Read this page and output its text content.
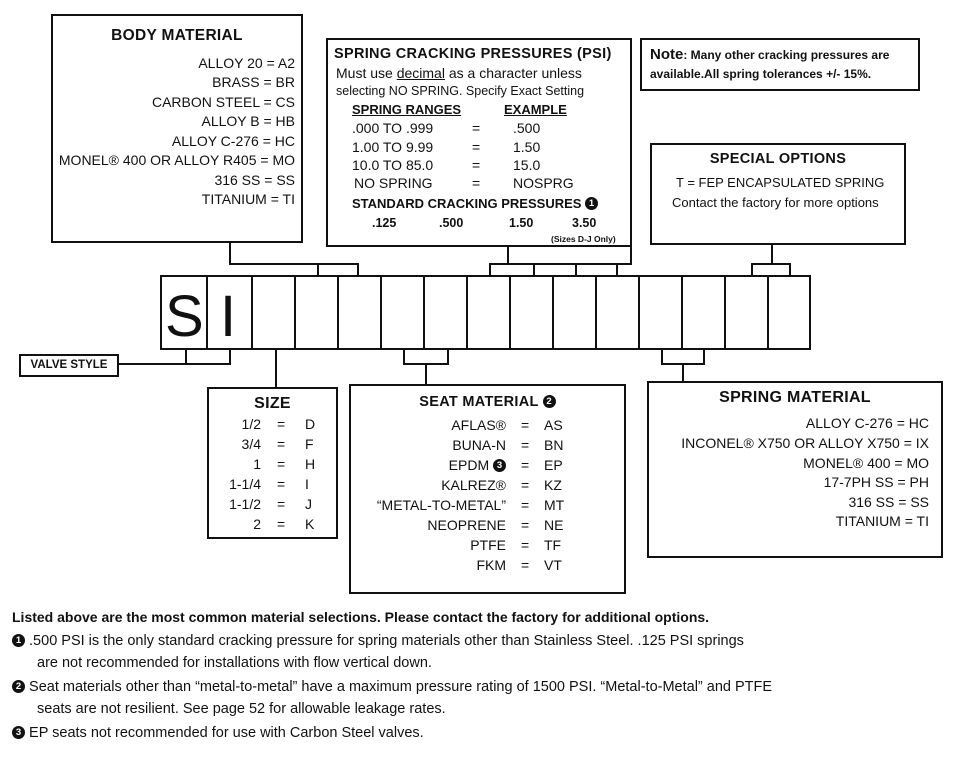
BODY MATERIAL
ALLOY 20 = A2
BRASS = BR
CARBON STEEL = CS
ALLOY B = HB
ALLOY C-276 = HC
MONEL® 400 OR ALLOY R405 = MO
316 SS = SS
TITANIUM = TI
SPRING CRACKING PRESSURES (PSI)
Must use decimal as a character unless
selecting NO SPRING. Specify Exact Setting
SPRING RANGES	EXAMPLE
.000 TO .999	= .500
1.00 TO 9.99	= 1.50
10.0 TO 85.0	= 15.0
NO SPRING	= NOSPRG
STANDARD CRACKING PRESSURES 1
.125	.500	1.50	3.50
(Sizes D-J Only)
Note: Many other cracking pressures are
available.All spring tolerances +/- 15%.
SPECIAL OPTIONS
T = FEP ENCAPSULATED SPRING
Contact the factory for more options
S I
VALVE STYLE
SIZE
1/2 = D
3/4 = F
1 = H
1-1/4 = I
1-1/2 = J
2 = K
SEAT MATERIAL 2
AFLAS® = AS
BUNA-N = BN
EPDM 3 = EP
KALREZ® = KZ
“METAL-TO-METAL” = MT
NEOPRENE = NE
PTFE = TF
FKM = VT
SPRING MATERIAL
ALLOY C-276 = HC
INCONEL® X750 OR ALLOY X750 = IX
MONEL® 400 = MO
17-7PH SS = PH
316 SS = SS
TITANIUM = TI
Listed above are the most common material selections. Please contact the factory for additional options.
1 .500 PSI is the only standard cracking pressure for spring materials other than Stainless Steel. .125 PSI springs
are not recommended for installations with flow vertical down.
2 Seat materials other than “metal-to-metal” have a maximum pressure rating of 1500 PSI. “Metal-to-Metal” and PTFE
seats are not resilient. See page 52 for allowable leakage rates.
3 EP seats not recommended for use with Carbon Steel valves.
